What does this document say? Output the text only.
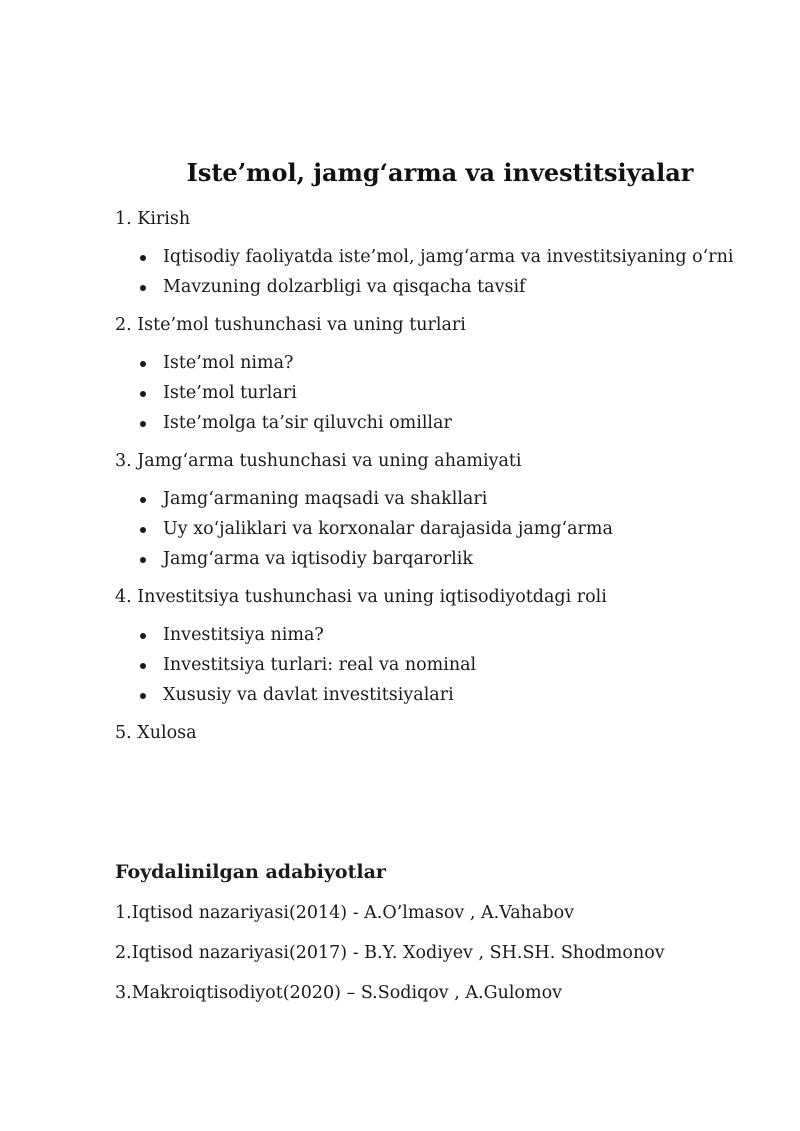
Iste’mol, jamg‘arma va investitsiyalar

1. Kirish

Iqtisodiy faoliyatda iste’mol, jamgʻarma va investitsiyaning oʻrni
Mavzuning dolzarbligi va qisqacha tavsif

2. Iste’mol tushunchasi va uning turlari

Iste’mol nima?
Iste’mol turlari
Iste’molga ta’sir qiluvchi omillar

3. Jamgʻarma tushunchasi va uning ahamiyati

Jamgʻarmaning maqsadi va shakllari
Uy xoʻjaliklari va korxonalar darajasida jamgʻarma
Jamgʻarma va iqtisodiy barqarorlik

4. Investitsiya tushunchasi va uning iqtisodiyotdagi roli

Investitsiya nima?
Investitsiya turlari: real va nominal
Xususiy va davlat investitsiyalari

5. Xulosa

Foydalinilgan adabiyotlar
1.Iqtisod nazariyasi(2014) - A.O’lmasov , A.Vahabov
2.Iqtisod nazariyasi(2017) - B.Y. Xodiyev , SH.SH. Shodmonov
3.Makroiqtisodiyot(2020) – S.Sodiqov , A.Gulomov
